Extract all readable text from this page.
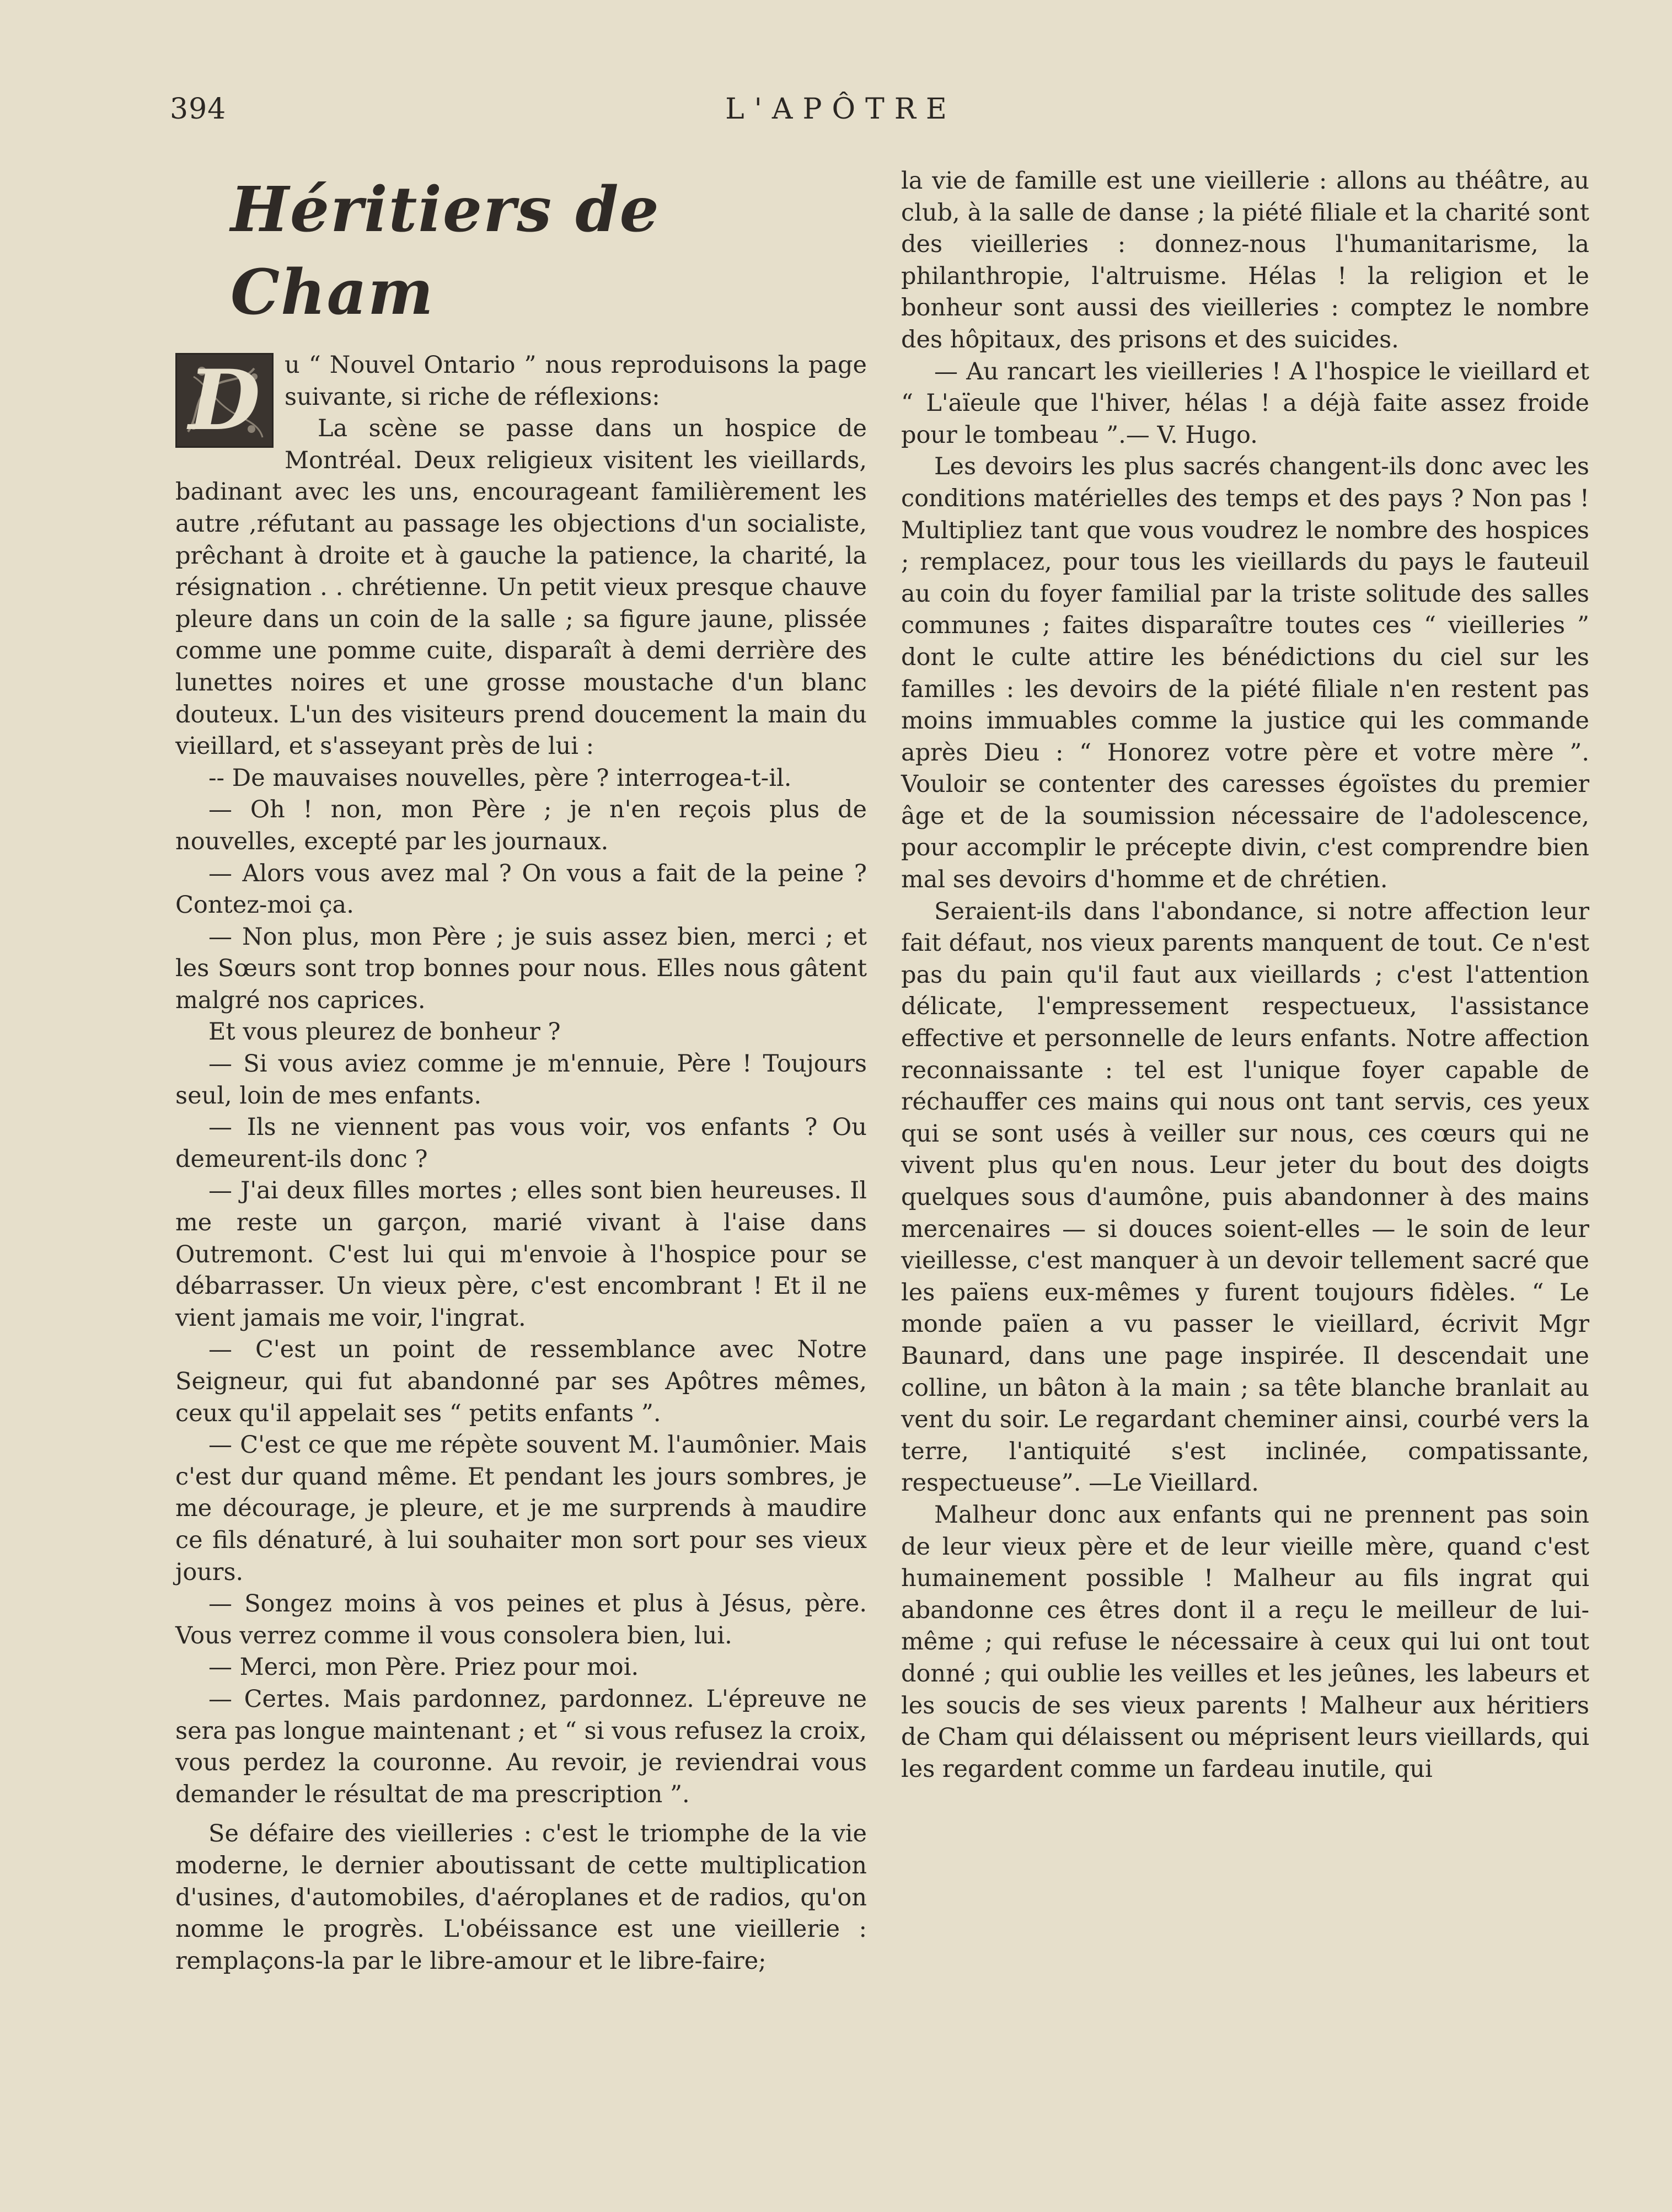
394	L'APÔTRE
Héritiers de Cham
D	u “ Nouvel Ontario ” nous reproduisons la page suivante, si riche de réflexions:

La scène se passe dans un hospice de Montréal. Deux religieux visitent les vieillards, badinant avec les uns, encourageant familièrement les autre ,réfutant au passage les objections d'un socialiste, prêchant à droite et à gauche la patience, la charité, la résignation . . chrétienne. Un petit vieux presque chauve pleure dans un coin de la salle ; sa figure jaune, plissée comme une pomme cuite, disparaît à demi derrière des lunettes noires et une grosse moustache d'un blanc douteux. L'un des visiteurs prend doucement la main du vieillard, et s'asseyant près de lui :

-- De mauvaises nouvelles, père ? interrogea-t-il.

— Oh ! non, mon Père ; je n'en reçois plus de nouvelles, excepté par les journaux.

— Alors vous avez mal ? On vous a fait de la peine ? Contez-moi ça.

— Non plus, mon Père ; je suis assez bien, merci ; et les Sœurs sont trop bonnes pour nous. Elles nous gâtent malgré nos caprices.

Et vous pleurez de bonheur ?

— Si vous aviez comme je m'ennuie, Père ! Toujours seul, loin de mes enfants.

— Ils ne viennent pas vous voir, vos enfants ? Ou demeurent-ils donc ?

— J'ai deux filles mortes ; elles sont bien heureuses. Il me reste un garçon, marié vivant à l'aise dans Outremont. C'est lui qui m'envoie à l'hospice pour se débarrasser. Un vieux père, c'est encombrant ! Et il ne vient jamais me voir, l'ingrat.

— C'est un point de ressemblance avec Notre Seigneur, qui fut abandonné par ses Apôtres mêmes, ceux qu'il appelait ses “ petits enfants ”.

— C'est ce que me répète souvent M. l'aumônier. Mais c'est dur quand même. Et pendant les jours sombres, je me décourage, je pleure, et je me surprends à maudire ce fils dénaturé, à lui souhaiter mon sort pour ses vieux jours.

— Songez moins à vos peines et plus à Jésus, père. Vous verrez comme il vous consolera bien, lui.

— Merci, mon Père. Priez pour moi.

— Certes. Mais pardonnez, pardonnez. L'épreuve ne sera pas longue maintenant ; et “ si vous refusez la croix, vous perdez la couronne. Au revoir, je reviendrai vous demander le résultat de ma prescription ”.

Se défaire des vieilleries : c'est le triomphe de la vie moderne, le dernier aboutissant de cette multiplication d'usines, d'automobiles, d'aéroplanes et de radios, qu'on nomme le progrès. L'obéissance est une vieillerie : remplaçons-la par le libre-amour et le libre-faire;

la vie de famille est une vieillerie : allons au théâtre, au club, à la salle de danse ; la piété filiale et la charité sont des vieilleries : donnez-nous l'humanitarisme, la philanthropie, l'altruisme. Hélas ! la religion et le bonheur sont aussi des vieilleries : comptez le nombre des hôpitaux, des prisons et des suicides.

— Au rancart les vieilleries ! A l'hospice le vieillard et “ L'aïeule que l'hiver, hélas ! a déjà faite assez froide pour le tombeau ”.— V. Hugo.

Les devoirs les plus sacrés changent-ils donc avec les conditions matérielles des temps et des pays ? Non pas ! Multipliez tant que vous voudrez le nombre des hospices ; remplacez, pour tous les vieillards du pays le fauteuil au coin du foyer familial par la triste solitude des salles communes ; faites disparaître toutes ces “ vieilleries ” dont le culte attire les bénédictions du ciel sur les familles : les devoirs de la piété filiale n'en restent pas moins immuables comme la justice qui les commande après Dieu : “ Honorez votre père et votre mère ”. Vouloir se contenter des caresses égoïstes du premier âge et de la soumission nécessaire de l'adolescence, pour accomplir le précepte divin, c'est comprendre bien mal ses devoirs d'homme et de chrétien.

Seraient-ils dans l'abondance, si notre affection leur fait défaut, nos vieux parents manquent de tout. Ce n'est pas du pain qu'il faut aux vieillards ; c'est l'attention délicate, l'empressement respectueux, l'assistance effective et personnelle de leurs enfants. Notre affection reconnaissante : tel est l'unique foyer capable de réchauffer ces mains qui nous ont tant servis, ces yeux qui se sont usés à veiller sur nous, ces cœurs qui ne vivent plus qu'en nous. Leur jeter du bout des doigts quelques sous d'aumône, puis abandonner à des mains mercenaires — si douces soient-elles — le soin de leur vieillesse, c'est manquer à un devoir tellement sacré que les païens eux-mêmes y furent toujours fidèles. “ Le monde païen a vu passer le vieillard, écrivit Mgr Baunard, dans une page inspirée. Il descendait une colline, un bâton à la main ; sa tête blanche branlait au vent du soir. Le regardant cheminer ainsi, courbé vers la terre, l'antiquité s'est inclinée, compatissante, respectueuse”. —Le Vieillard.

Malheur donc aux enfants qui ne prennent pas soin de leur vieux père et de leur vieille mère, quand c'est humainement possible ! Malheur au fils ingrat qui abandonne ces êtres dont il a reçu le meilleur de lui-même ; qui refuse le nécessaire à ceux qui lui ont tout donné ; qui oublie les veilles et les jeûnes, les labeurs et les soucis de ses vieux parents ! Malheur aux héritiers de Cham qui délaissent ou méprisent leurs vieillards, qui les regardent comme un fardeau inutile, qui
